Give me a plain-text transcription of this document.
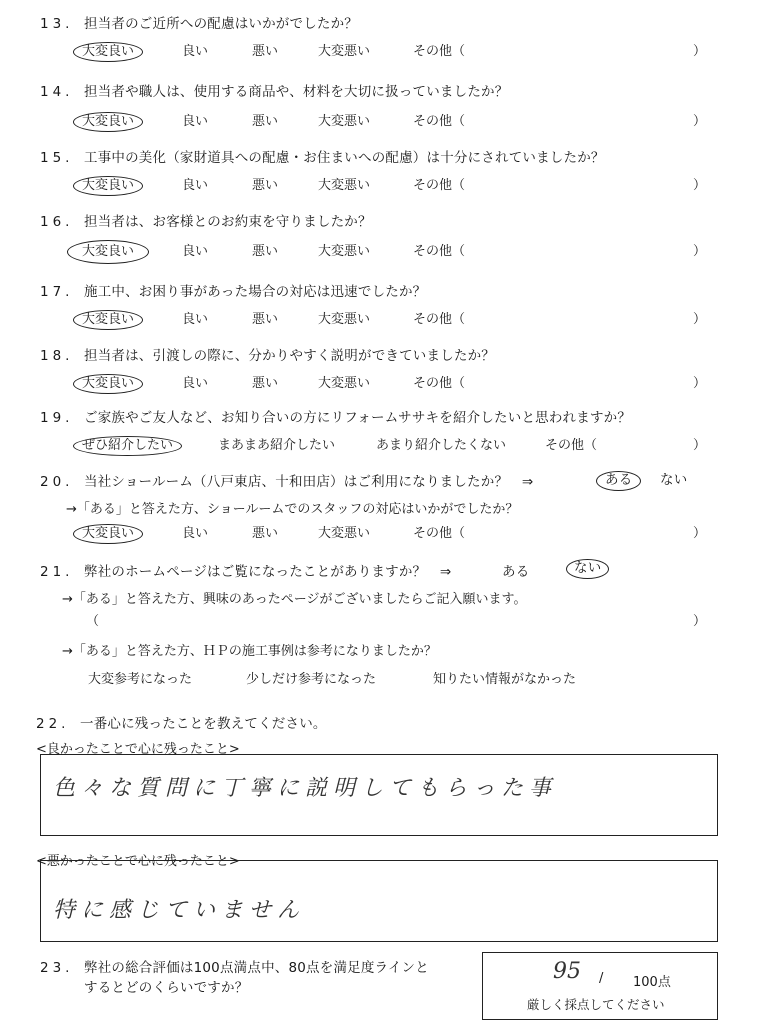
13. 担当者のご近所への配慮はいかがでしたか？
大変良い	良い	悪い	大変悪い	その他（	）
14. 担当者や職人は、使用する商品や、材料を大切に扱っていましたか？
大変良い	良い	悪い	大変悪い	その他（	）
15. 工事中の美化（家財道具への配慮・お住まいへの配慮）は十分にされていましたか？
大変良い	良い	悪い	大変悪い	その他（	）
16. 担当者は、お客様とのお約束を守りましたか？
大変良い	良い	悪い	大変悪い	その他（	）
17. 施工中、お困り事があった場合の対応は迅速でしたか？
大変良い	良い	悪い	大変悪い	その他（	）
18. 担当者は、引渡しの際に、分かりやすく説明ができていましたか？
大変良い	良い	悪い	大変悪い	その他（	）
19. ご家族やご友人など、お知り合いの方にリフォームササキを紹介したいと思われますか？
ぜひ紹介したい	まあまあ紹介したい	あまり紹介したくない	その他（	）
20. 当社ショールーム（八戸東店、十和田店）はご利用になりましたか？　⇒	ある	ない
→「ある」と答えた方、ショールームでのスタッフの対応はいかがでしたか？
大変良い	良い	悪い	大変悪い	その他（	）
21. 弊社のホームページはご覧になったことがありますか？　⇒	ある	ない
→「ある」と答えた方、興味のあったページがございましたらご記入願います。
（	）
→「ある」と答えた方、ＨＰの施工事例は参考になりましたか？
大変参考になった	少しだけ参考になった	知りたい情報がなかった
22. 一番心に残ったことを教えてください。
<良かったことで心に残ったこと>
色々な質問に丁寧に説明してもらった事
<悪かったことで心に残ったこと>
特に感じていません
23. 弊社の総合評価は100点満点中、80点を満足度ラインと
するとどのくらいですか？
95 / 100点
厳しく採点してください
